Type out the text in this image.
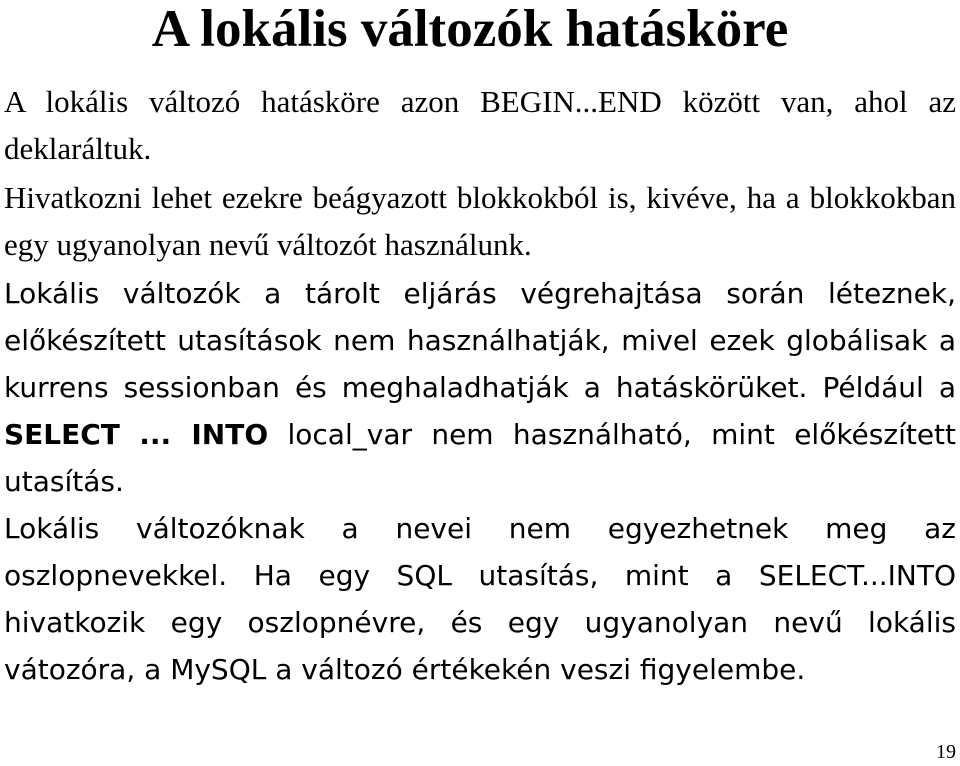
A lokális változók hatásköre

A lokális változó hatásköre azon BEGIN...END között van, ahol az deklaráltuk.

Hivatkozni lehet ezekre beágyazott blokkokból is, kivéve, ha a blokkokban egy ugyanolyan nevű változót használunk.

Lokális változók a tárolt eljárás végrehajtása során léteznek, előkészített utasítások nem használhatják, mivel ezek globálisak a kurrens sessionban és meghaladhatják a hatáskörüket. Például a SELECT ... INTO local_var nem használható, mint előkészített utasítás.

Lokális változóknak a nevei nem egyezhetnek meg az oszlopnevekkel. Ha egy SQL utasítás, mint a SELECT...INTO hivatkozik egy oszlopnévre, és egy ugyanolyan nevű lokális vátozóra, a MySQL a változó értékekén veszi figyelembe.

19
